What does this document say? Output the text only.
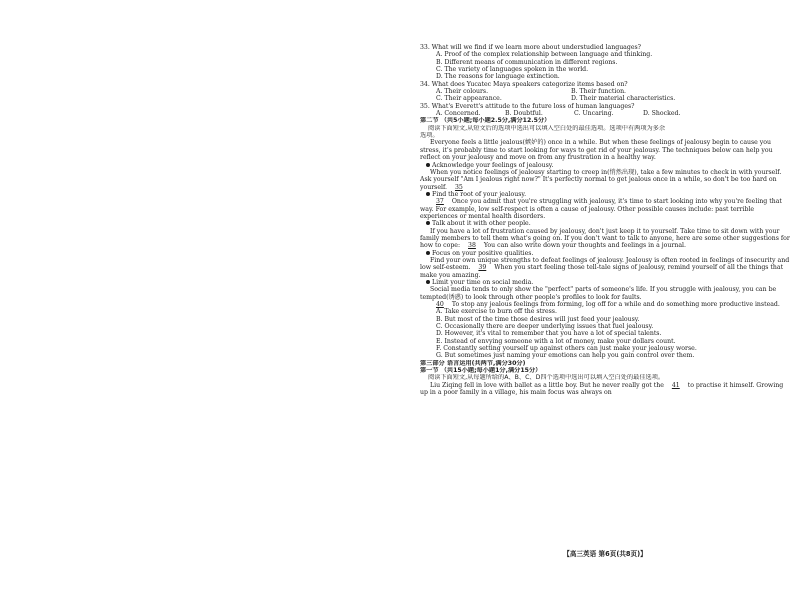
33. What will we find if we learn more about understudied languages?
A. Proof of the complex relationship between language and thinking.
B. Different means of communication in different regions.
C. The variety of languages spoken in the world.
D. The reasons for language extinction.
34. What does Yucatec Maya speakers categorize items based on?
A. Their colours.	B. Their function.
C. Their appearance.	D. Their material characteristics.
35. What's Everett's attitude to the future loss of human languages?
A. Concerned.	B. Doubtful.	C. Uncaring.	D. Shocked.
第二节 （共5小题;每小题2.5分,满分12.5分）
阅读下面短文,从短文后的选项中选出可以填入空白处的最佳选项。选项中有两项为多余
选项。
Everyone feels a little jealous(嫉妒的) once in a while. But when these feelings of jealousy begin to cause you stress, it's probably time to start looking for ways to get rid of your jealousy. The techniques below can help you reflect on your jealousy and move on from any frustration in a healthy way.
Acknowledge your feelings of jealousy.
When you notice feelings of jealousy starting to creep in(悄然出现), take a few minutes to check in with yourself. Ask yourself "Am I jealous right now?" It's perfectly normal to get jealous once in a while, so don't be too hard on yourself. 35
Find the root of your jealousy.
37 Once you admit that you're struggling with jealousy, it's time to start looking into why you're feeling that way. For example, low self-respect is often a cause of jealousy. Other possible causes include: past terrible experiences or mental health disorders.
Talk about it with other people.
If you have a lot of frustration caused by jealousy, don't just keep it to yourself. Take time to sit down with your family members to tell them what's going on. If you don't want to talk to anyone, here are some other suggestions for how to cope: 38 You can also write down your thoughts and feelings in a journal.
Focus on your positive qualities.
Find your own unique strengths to defeat feelings of jealousy. Jealousy is often rooted in feelings of insecurity and low self-esteem. 39 When you start feeling those tell-tale signs of jealousy, remind yourself of all the things that make you amazing.
Limit your time on social media.
Social media tends to only show the "perfect" parts of someone's life. If you struggle with jealousy, you can be tempted(诱惑) to look through other people's profiles to look for faults.
40 To stop any jealous feelings from forming, log off for a while and do something more productive instead.
A. Take exercise to burn off the stress.
B. But most of the time those desires will just feed your jealousy.
C. Occasionally there are deeper underlying issues that fuel jealousy.
D. However, it's vital to remember that you have a lot of special talents.
E. Instead of envying someone with a lot of money, make your dollars count.
F. Constantly setting yourself up against others can just make your jealousy worse.
G. But sometimes just naming your emotions can help you gain control over them.
第三部分 语言运用(共两节,满分30分)
第一节 （共15小题;每小题1分,满分15分）
阅读下面短文,从每题所给的A、B、C、D四个选项中选出可以填入空白处的最佳选项。
Liu Ziqing fell in love with ballet as a little boy. But he never really got the 41 to practise it himself. Growing up in a poor family in a village, his main focus was always on
【高三英语 第6页(共8页)】
